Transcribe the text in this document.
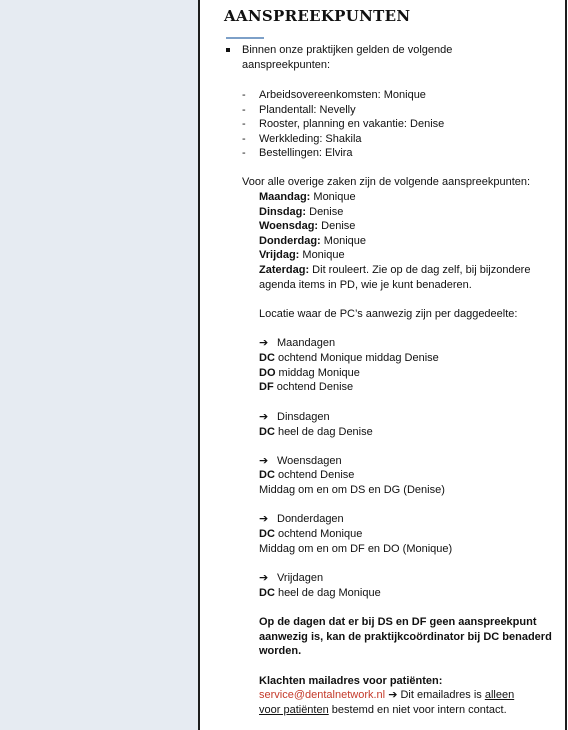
AANSPREEKPUNTEN
Binnen onze praktijken gelden de volgende
aanspreekpunten:
- Arbeidsovereenkomsten: Monique
- Plandentall: Nevelly
- Rooster, planning en vakantie: Denise
- Werkkleding: Shakila
- Bestellingen: Elvira
Voor alle overige zaken zijn de volgende aanspreekpunten:
Maandag: Monique
Dinsdag: Denise
Woensdag: Denise
Donderdag: Monique
Vrijdag: Monique
Zaterdag: Dit rouleert. Zie op de dag zelf, bij bijzondere
agenda items in PD, wie je kunt benaderen.
Locatie waar de PC’s aanwezig zijn per daggedeelte:
➔ Maandagen
DC ochtend Monique middag Denise
DO middag Monique
DF ochtend Denise
➔ Dinsdagen
DC heel de dag Denise
➔ Woensdagen
DC ochtend Denise
Middag om en om DS en DG (Denise)
➔ Donderdagen
DC ochtend Monique
Middag om en om DF en DO (Monique)
➔ Vrijdagen
DC heel de dag Monique
Op de dagen dat er bij DS en DF geen aanspreekpunt
aanwezig is, kan de praktijkcoördinator bij DC benaderd
worden.
Klachten mailadres voor patiënten:
service@dentalnetwork.nl ➔ Dit emailadres is alleen
voor patiënten bestemd en niet voor intern contact.
